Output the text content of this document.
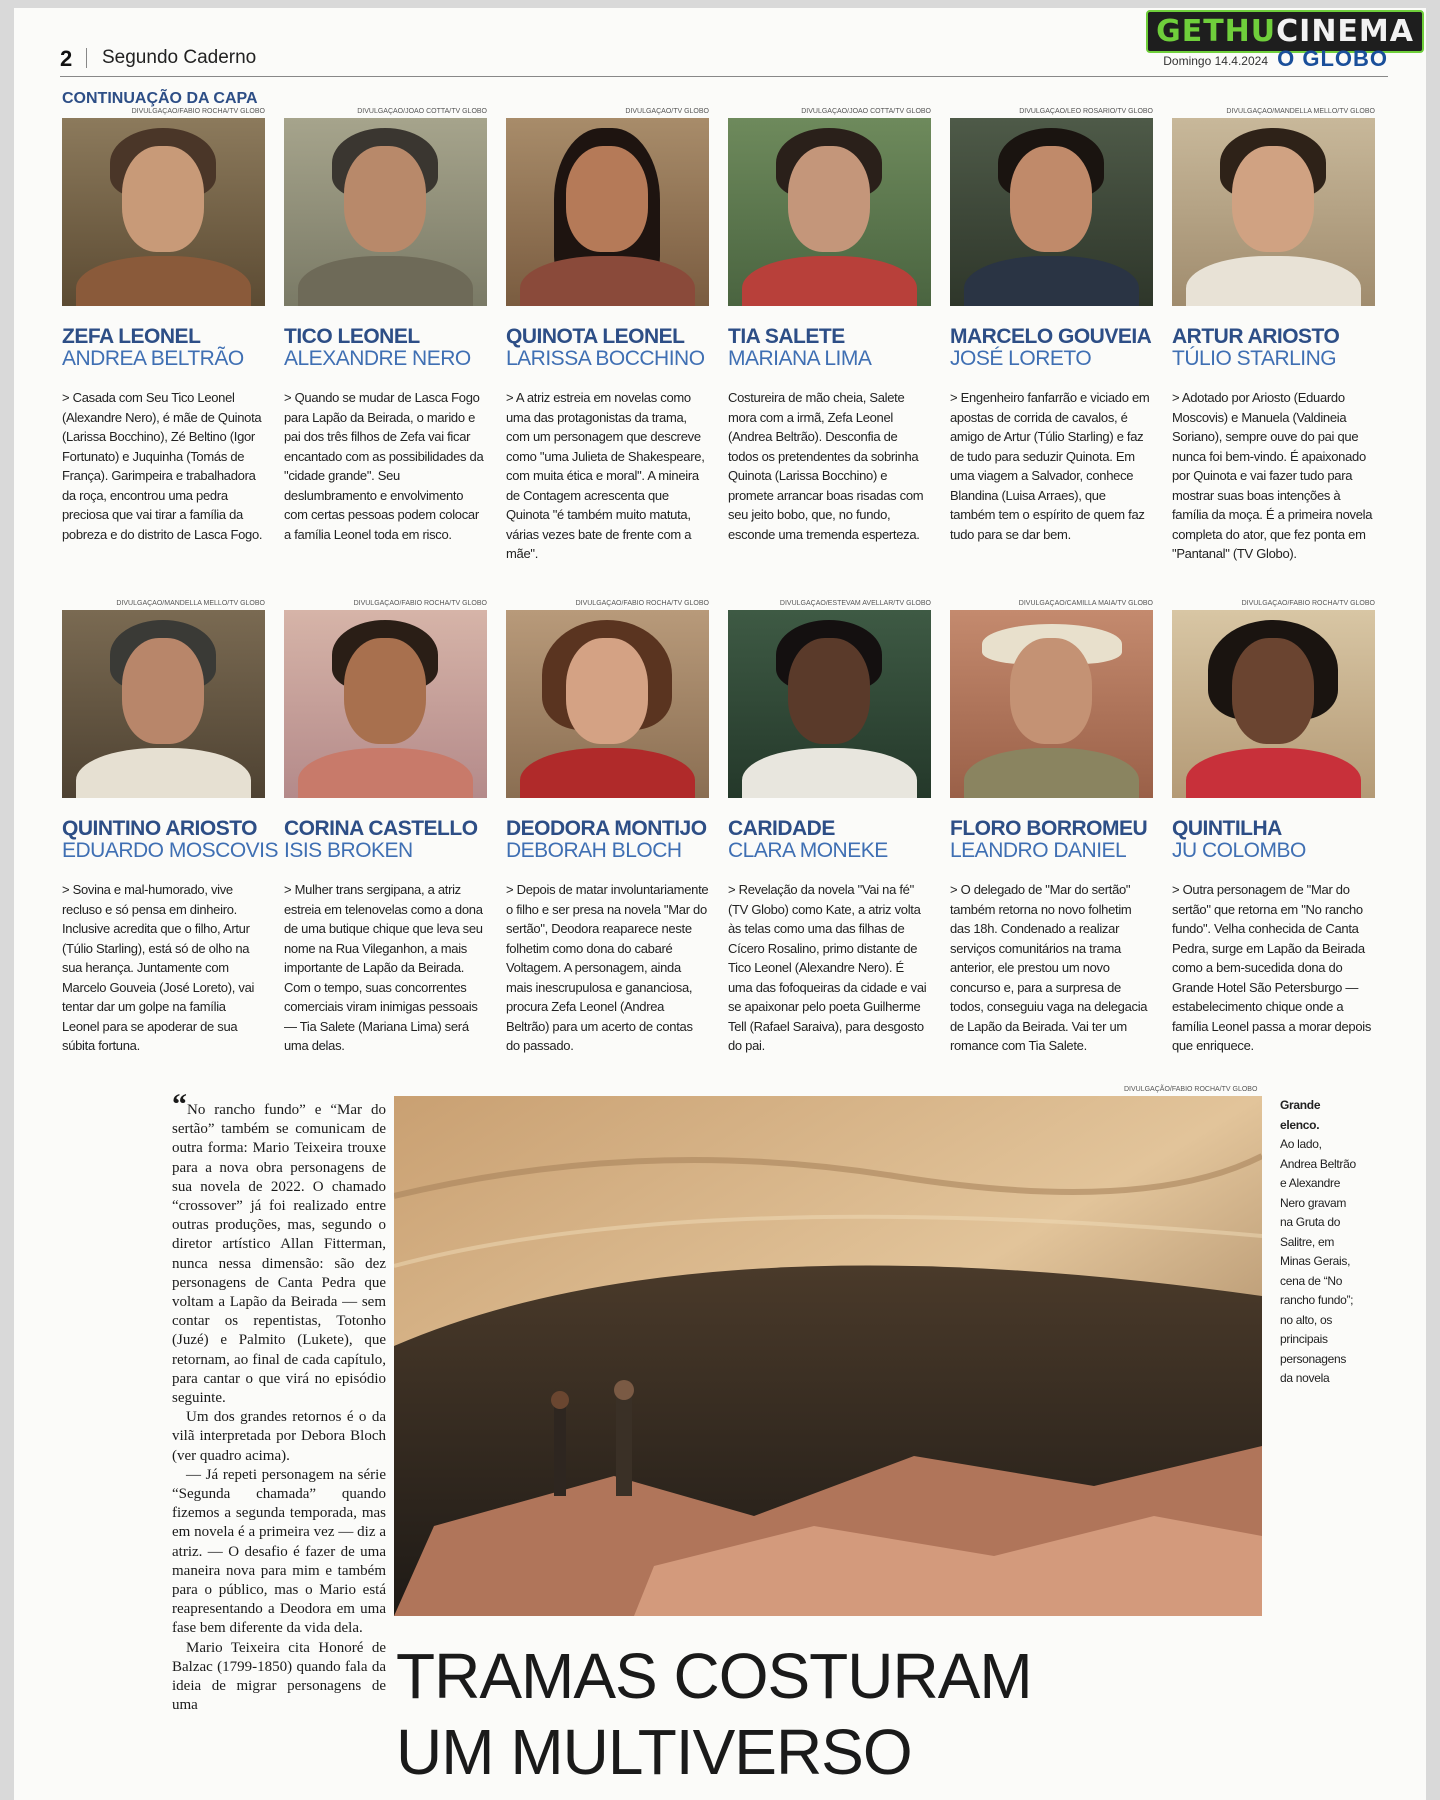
GETHUCINEMA
2 Segundo Caderno	Domingo 14.4.2024 O GLOBO
CONTINUAÇÃO DA CAPA
DIVULGAÇÃO/FABIO ROCHA/TV GLOBO
ZEFA LEONEL
ANDREA BELTRÃO
> Casada com Seu Tico Leonel (Alexandre Nero), é mãe de Quinota (Larissa Bocchino), Zé Beltino (Igor Fortunato) e Juquinha (Tomás de França). Garimpeira e trabalhadora da roça, encontrou uma pedra preciosa que vai tirar a família da pobreza e do distrito de Lasca Fogo.
DIVULGAÇÃO/JOÃO COTTA/TV GLOBO
TICO LEONEL
ALEXANDRE NERO
> Quando se mudar de Lasca Fogo para Lapão da Beirada, o marido e pai dos três filhos de Zefa vai ficar encantado com as possibilidades da "cidade grande". Seu deslumbramento e envolvimento com certas pessoas podem colocar a família Leonel toda em risco.
DIVULGAÇÃO/TV GLOBO
QUINOTA LEONEL
LARISSA BOCCHINO
> A atriz estreia em novelas como uma das protagonistas da trama, com um personagem que descreve como "uma Julieta de Shakespeare, com muita ética e moral". A mineira de Contagem acrescenta que Quinota "é também muito matuta, várias vezes bate de frente com a mãe".
DIVULGAÇÃO/JOÃO COTTA/TV GLOBO
TIA SALETE
MARIANA LIMA
Costureira de mão cheia, Salete mora com a irmã, Zefa Leonel (Andrea Beltrão). Desconfia de todos os pretendentes da sobrinha Quinota (Larissa Bocchino) e promete arrancar boas risadas com seu jeito bobo, que, no fundo, esconde uma tremenda esperteza.
DIVULGAÇÃO/LEO ROSÁRIO/TV GLOBO
MARCELO GOUVEIA
JOSÉ LORETO
> Engenheiro fanfarrão e viciado em apostas de corrida de cavalos, é amigo de Artur (Túlio Starling) e faz de tudo para seduzir Quinota. Em uma viagem a Salvador, conhece Blandina (Luisa Arraes), que também tem o espírito de quem faz tudo para se dar bem.
DIVULGAÇÃO/MANDELLA MELLO/TV GLOBO
ARTUR ARIOSTO
TÚLIO STARLING
> Adotado por Ariosto (Eduardo Moscovis) e Manuela (Valdineia Soriano), sempre ouve do pai que nunca foi bem-vindo. É apaixonado por Quinota e vai fazer tudo para mostrar suas boas intenções à família da moça. É a primeira novela completa do ator, que fez ponta em "Pantanal" (TV Globo).
DIVULGAÇÃO/MANDELLA MELLO/TV GLOBO
QUINTINO ARIOSTO
EDUARDO MOSCOVIS
> Sovina e mal-humorado, vive recluso e só pensa em dinheiro. Inclusive acredita que o filho, Artur (Túlio Starling), está só de olho na sua herança. Juntamente com Marcelo Gouveia (José Loreto), vai tentar dar um golpe na família Leonel para se apoderar de sua súbita fortuna.
DIVULGAÇÃO/FABIO ROCHA/TV GLOBO
CORINA CASTELLO
ISIS BROKEN
> Mulher trans sergipana, a atriz estreia em telenovelas como a dona de uma butique chique que leva seu nome na Rua Vileganhon, a mais importante de Lapão da Beirada. Com o tempo, suas concorrentes comerciais viram inimigas pessoais — Tia Salete (Mariana Lima) será uma delas.
DIVULGAÇÃO/FABIO ROCHA/TV GLOBO
DEODORA MONTIJO
DEBORAH BLOCH
> Depois de matar involuntariamente o filho e ser presa na novela "Mar do sertão", Deodora reaparece neste folhetim como dona do cabaré Voltagem. A personagem, ainda mais inescrupulosa e gananciosa, procura Zefa Leonel (Andrea Beltrão) para um acerto de contas do passado.
DIVULGAÇÃO/ESTEVAM AVELLAR/TV GLOBO
CARIDADE
CLARA MONEKE
> Revelação da novela "Vai na fé" (TV Globo) como Kate, a atriz volta às telas como uma das filhas de Cícero Rosalino, primo distante de Tico Leonel (Alexandre Nero). É uma das fofoqueiras da cidade e vai se apaixonar pelo poeta Guilherme Tell (Rafael Saraiva), para desgosto do pai.
DIVULGAÇÃO/CAMILLA MAIA/TV GLOBO
FLORO BORROMEU
LEANDRO DANIEL
> O delegado de "Mar do sertão" também retorna no novo folhetim das 18h. Condenado a realizar serviços comunitários na trama anterior, ele prestou um novo concurso e, para a surpresa de todos, conseguiu vaga na delegacia de Lapão da Beirada. Vai ter um romance com Tia Salete.
DIVULGAÇÃO/FABIO ROCHA/TV GLOBO
QUINTILHA
JU COLOMBO
> Outra personagem de "Mar do sertão" que retorna em "No rancho fundo". Velha conhecida de Canta Pedra, surge em Lapão da Beirada como a bem-sucedida dona do Grande Hotel São Petersburgo — estabelecimento chique onde a família Leonel passa a morar depois que enriquece.

“No rancho fundo” e “Mar do sertão” também se comunicam de outra forma: Mario Teixeira trouxe para a nova obra personagens de sua novela de 2022. O chamado “crossover” já foi realizado entre outras produções, mas, segundo o diretor artístico Allan Fitterman, nunca nessa dimensão: são dez personagens de Canta Pedra que voltam a Lapão da Beirada — sem contar os repentistas, Totonho (Juzé) e Palmito (Lukete), que retornam, ao final de cada capítulo, para cantar o que virá no episódio seguinte.

Um dos grandes retornos é o da vilã interpretada por Debora Bloch (ver quadro acima).

— Já repeti personagem na série “Segunda chamada” quando fizemos a segunda temporada, mas em novela é a primeira vez — diz a atriz. — O desafio é fazer de uma maneira nova para mim e também para o público, mas o Mario está reapresentando a Deodora em uma fase bem diferente da vida dela.

Mario Teixeira cita Honoré de Balzac (1799-1850) quando fala da ideia de migrar personagens de uma

DIVULGAÇÃO/FABIO ROCHA/TV GLOBO
Grande elenco.
Ao lado, Andrea Beltrão e Alexandre Nero gravam na Gruta do Salitre, em Minas Gerais, cena de “No rancho fundo”; no alto, os principais personagens da novela
TRAMAS COSTURAM
UM MULTIVERSO
